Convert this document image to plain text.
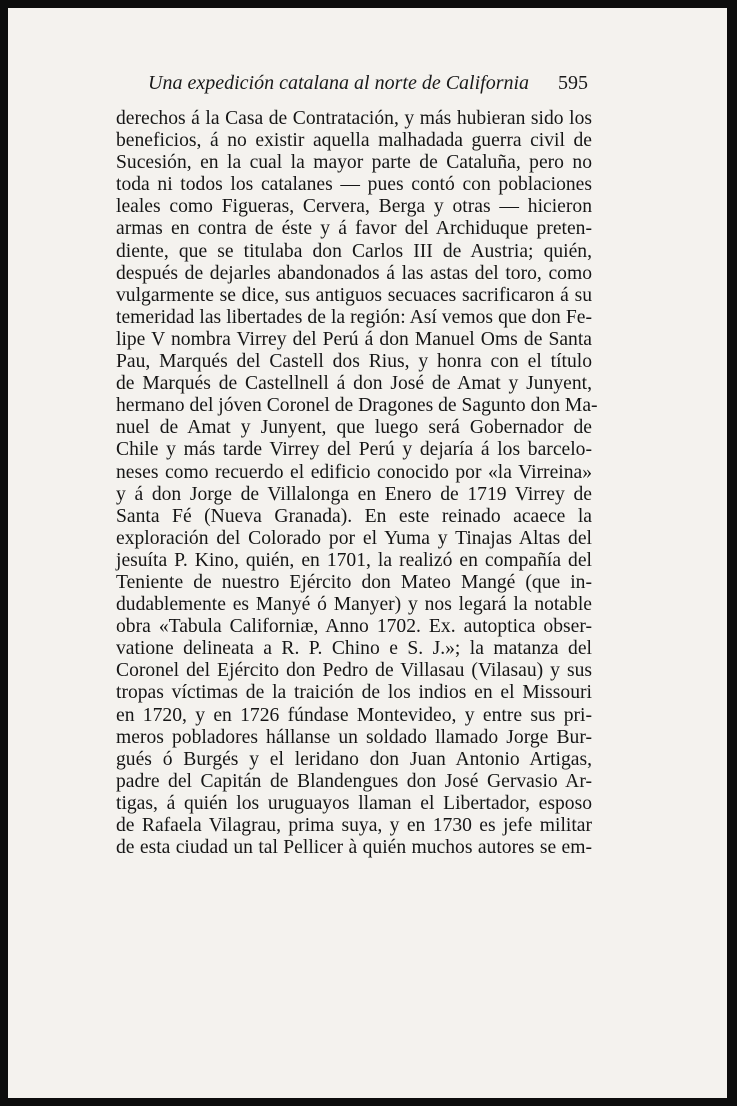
Una expedición catalana al norte de California 595
derechos á la Casa de Contratación, y más hubieran sido los
beneficios, á no existir aquella malhadada guerra civil de
Sucesión, en la cual la mayor parte de Cataluña, pero no
toda ni todos los catalanes — pues contó con poblaciones
leales como Figueras, Cervera, Berga y otras — hicieron
armas en contra de éste y á favor del Archiduque preten-
diente, que se titulaba don Carlos III de Austria; quién,
después de dejarles abandonados á las astas del toro, como
vulgarmente se dice, sus antiguos secuaces sacrificaron á su
temeridad las libertades de la región: Así vemos que don Fe-
lipe V nombra Virrey del Perú á don Manuel Oms de Santa
Pau, Marqués del Castell dos Rius, y honra con el título
de Marqués de Castellnell á don José de Amat y Junyent,
hermano del jóven Coronel de Dragones de Sagunto don Ma-
nuel de Amat y Junyent, que luego será Gobernador de
Chile y más tarde Virrey del Perú y dejaría á los barcelo-
neses como recuerdo el edificio conocido por «la Virreina»
y á don Jorge de Villalonga en Enero de 1719 Virrey de
Santa Fé (Nueva Granada). En este reinado acaece la
exploración del Colorado por el Yuma y Tinajas Altas del
jesuíta P. Kino, quién, en 1701, la realizó en compañía del
Teniente de nuestro Ejército don Mateo Mangé (que in-
dudablemente es Manyé ó Manyer) y nos legará la notable
obra «Tabula Californiæ, Anno 1702. Ex. autoptica obser-
vatione delineata a R. P. Chino e S. J.»; la matanza del
Coronel del Ejército don Pedro de Villasau (Vilasau) y sus
tropas víctimas de la traición de los indios en el Missouri
en 1720, y en 1726 fúndase Montevideo, y entre sus pri-
meros pobladores hállanse un soldado llamado Jorge Bur-
gués ó Burgés y el leridano don Juan Antonio Artigas,
padre del Capitán de Blandengues don José Gervasio Ar-
tigas, á quién los uruguayos llaman el Libertador, esposo
de Rafaela Vilagrau, prima suya, y en 1730 es jefe militar
de esta ciudad un tal Pellicer à quién muchos autores se em-
